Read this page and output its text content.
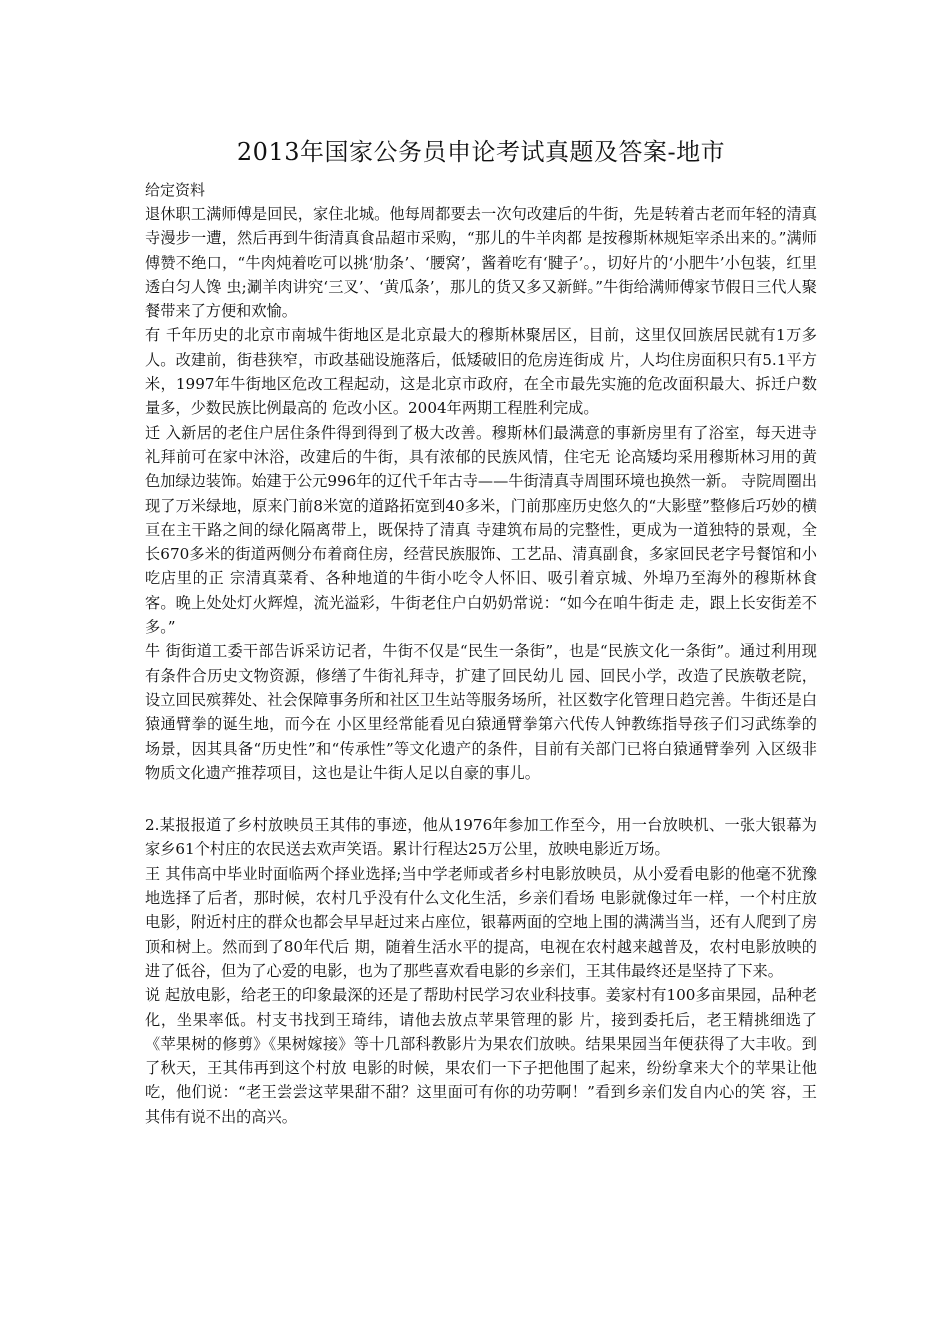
2013年国家公务员申论考试真题及答案-地市

给定资料

退休职工满师傅是回民，家住北城。他每周都要去一次句改建后的牛街，先是转着古老而年轻的清真寺漫步一遭，然后再到牛街清真食品超市采购，“那儿的牛羊肉都 是按穆斯林规矩宰杀出来的。”满师傅赞不绝口，“牛肉炖着吃可以挑‘肋条’、‘腰窝’，酱着吃有‘腱子’。，切好片的‘小肥牛’小包装，红里透白匀人馋 虫;涮羊肉讲究‘三叉’、‘黄瓜条’，那儿的货又多又新鲜。”牛街给满师傅家节假日三代人聚餐带来了方便和欢愉。

有 千年历史的北京市南城牛街地区是北京最大的穆斯林聚居区，目前，这里仅回族居民就有1万多人。改建前，街巷狭窄，市政基础设施落后，低矮破旧的危房连街成 片，人均住房面积只有5.1平方米，1997年牛街地区危改工程起动，这是北京市政府，在全市最先实施的危改面积最大、拆迁户数量多，少数民族比例最高的 危改小区。2004年两期工程胜利完成。

迁 入新居的老住户居住条件得到得到了极大改善。穆斯林们最满意的事新房里有了浴室，每天进寺礼拜前可在家中沐浴，改建后的牛街，具有浓郁的民族风情，住宅无 论高矮均采用穆斯林习用的黄色加绿边装饰。始建于公元996年的辽代千年古寺——牛街清真寺周围环境也换然一新。 寺院周圈出现了万米绿地，原来门前8米宽的道路拓宽到40多米，门前那座历史悠久的“大影壁”整修后巧妙的横亘在主干路之间的绿化隔离带上，既保持了清真 寺建筑布局的完整性，更成为一道独特的景观，全长670多米的街道两侧分布着商住房，经营民族服饰、工艺品、清真副食，多家回民老字号餐馆和小吃店里的正 宗清真菜肴、各种地道的牛街小吃令人怀旧、吸引着京城、外埠乃至海外的穆斯林食客。晚上处处灯火辉煌，流光溢彩，牛街老住户白奶奶常说：“如今在咱牛街走 走，跟上长安街差不多。”

牛 街街道工委干部告诉采访记者，牛街不仅是“民生一条街”，也是“民族文化一条街”。通过利用现有条件合历史文物资源，修缮了牛街礼拜寺，扩建了回民幼儿 园、回民小学，改造了民族敬老院，设立回民殡葬处、社会保障事务所和社区卫生站等服务场所，社区数字化管理日趋完善。牛街还是白猿通臂拳的诞生地，而今在 小区里经常能看见白猿通臂拳第六代传人钟教练指导孩子们习武练拳的场景，因其具备“历史性”和“传承性”等文化遗产的条件，目前有关部门已将白猿通臂拳列 入区级非物质文化遗产推荐项目，这也是让牛街人足以自豪的事儿。

2.某报报道了乡村放映员王其伟的事迹，他从1976年参加工作至今，用一台放映机、一张大银幕为家乡61个村庄的农民送去欢声笑语。累计行程达25万公里，放映电影近万场。

王 其伟高中毕业时面临两个择业选择;当中学老师或者乡村电影放映员，从小爱看电影的他毫不犹豫地选择了后者，那时候，农村几乎没有什么文化生活，乡亲们看场 电影就像过年一样，一个村庄放电影，附近村庄的群众也都会早早赶过来占座位，银幕两面的空地上围的满满当当，还有人爬到了房顶和树上。然而到了80年代后 期，随着生活水平的提高，电视在农村越来越普及，农村电影放映的进了低谷，但为了心爱的电影，也为了那些喜欢看电影的乡亲们，王其伟最终还是坚持了下来。

说 起放电影，给老王的印象最深的还是了帮助村民学习农业科技事。姜家村有100多亩果园，品种老化，坐果率低。村支书找到王琦纬，请他去放点苹果管理的影 片，接到委托后，老王精挑细选了《苹果树的修剪》《果树嫁接》等十几部科教影片为果农们放映。结果果园当年便获得了大丰收。到了秋天，王其伟再到这个村放 电影的时候，果农们一下子把他围了起来，纷纷拿来大个的苹果让他吃，他们说：“老王尝尝这苹果甜不甜？这里面可有你的功劳啊！”看到乡亲们发自内心的笑 容，王其伟有说不出的高兴。
